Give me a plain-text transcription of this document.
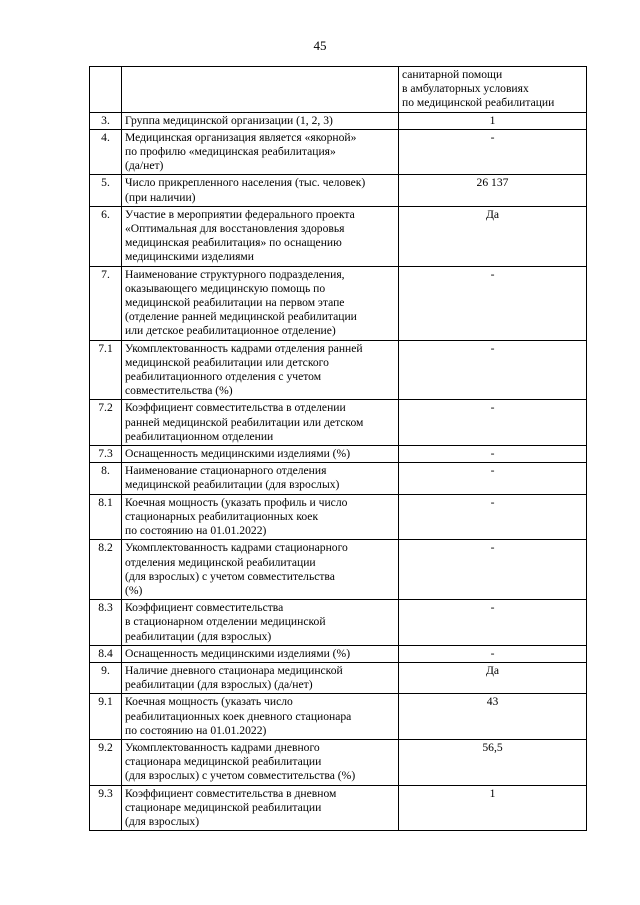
45

		санитарной помощи
в амбулаторных условиях
по медицинской реабилитации

3.	Группа медицинской организации (1, 2, 3)	1
4.	Медицинская организация является «якорной»
по профилю «медицинская реабилитация»
(да/нет)	-
5.	Число прикрепленного населения (тыс. человек)
(при наличии)	26 137
6.	Участие в мероприятии федерального проекта
«Оптимальная для восстановления здоровья
медицинская реабилитация» по оснащению
медицинскими изделиями	Да
7.	Наименование структурного подразделения,
оказывающего медицинскую помощь по
медицинской реабилитации на первом этапе
(отделение ранней медицинской реабилитации
или детское реабилитационное отделение)	-
7.1	Укомплектованность кадрами отделения ранней
медицинской реабилитации или детского
реабилитационного отделения с учетом
совместительства (%)	-
7.2	Коэффициент совместительства в отделении
ранней медицинской реабилитации или детском
реабилитационном отделении	-
7.3	Оснащенность медицинскими изделиями (%)	-
8.	Наименование стационарного отделения
медицинской реабилитации (для взрослых)	-
8.1	Коечная мощность (указать профиль и число
стационарных реабилитационных коек
по состоянию на 01.01.2022)	-
8.2	Укомплектованность кадрами стационарного
отделения медицинской реабилитации
(для взрослых) с учетом совместительства
(%)	-
8.3	Коэффициент совместительства
в стационарном отделении медицинской
реабилитации (для взрослых)	-
8.4	Оснащенность медицинскими изделиями (%)	-
9.	Наличие дневного стационара медицинской
реабилитации (для взрослых) (да/нет)	Да
9.1	Коечная мощность (указать число
реабилитационных коек дневного стационара
по состоянию на 01.01.2022)	43
9.2	Укомплектованность кадрами дневного
стационара медицинской реабилитации
(для взрослых) с учетом совместительства (%)	56,5
9.3	Коэффициент совместительства в дневном
стационаре медицинской реабилитации
(для взрослых)	1
